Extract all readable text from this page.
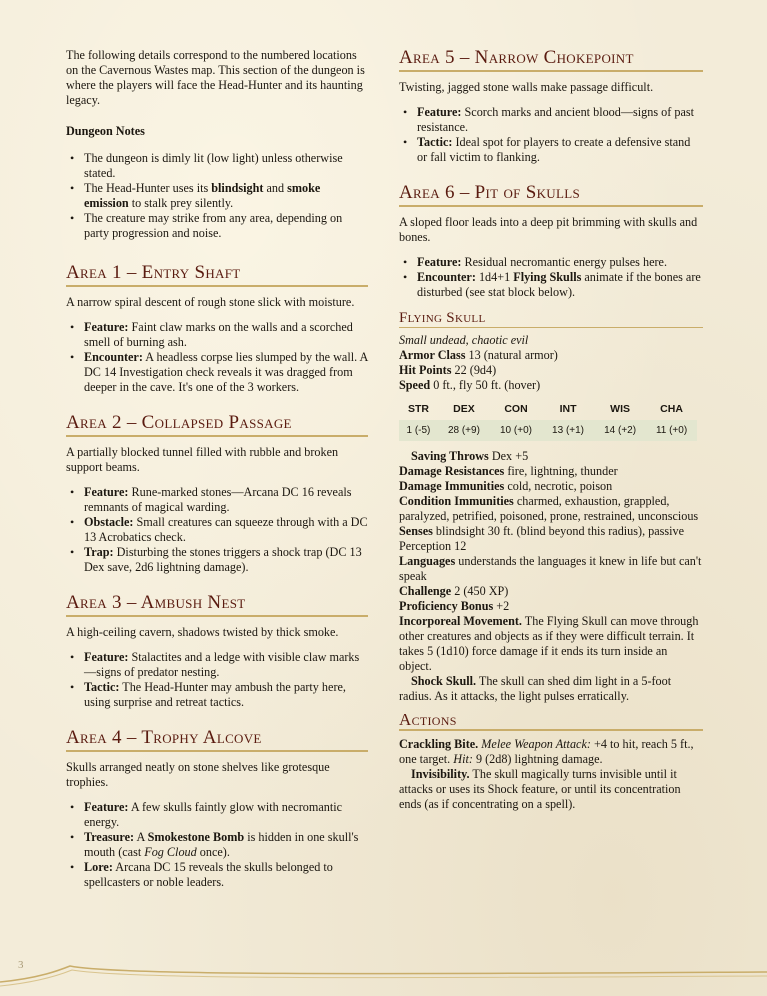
The following details correspond to the numbered locations on the Cavernous Wastes map. This section of the dungeon is where the players will face the Head-Hunter and its haunting legacy.

Dungeon Notes

• The dungeon is dimly lit (low light) unless otherwise stated.
• The Head-Hunter uses its blindsight and smoke emission to stalk prey silently.
• The creature may strike from any area, depending on party progression and noise.
Area 1 – Entry Shaft

A narrow spiral descent of rough stone slick with moisture.

• Feature: Faint claw marks on the walls and a scorched smell of burning ash.
• Encounter: A headless corpse lies slumped by the wall. A DC 14 Investigation check reveals it was dragged from deeper in the cave. It's one of the 3 workers.
Area 2 – Collapsed Passage

A partially blocked tunnel filled with rubble and broken support beams.

• Feature: Rune-marked stones—Arcana DC 16 reveals remnants of magical warding.
• Obstacle: Small creatures can squeeze through with a DC 13 Acrobatics check.
• Trap: Disturbing the stones triggers a shock trap (DC 13 Dex save, 2d6 lightning damage).
Area 3 – Ambush Nest

A high-ceiling cavern, shadows twisted by thick smoke.

• Feature: Stalactites and a ledge with visible claw marks—signs of predator nesting.
• Tactic: The Head-Hunter may ambush the party here, using surprise and retreat tactics.
Area 4 – Trophy Alcove

Skulls arranged neatly on stone shelves like grotesque trophies.

• Feature: A few skulls faintly glow with necromantic energy.
• Treasure: A Smokestone Bomb is hidden in one skull's mouth (cast Fog Cloud once).
• Lore: Arcana DC 15 reveals the skulls belonged to spellcasters or noble leaders.
Area 5 – Narrow Chokepoint

Twisting, jagged stone walls make passage difficult.

• Feature: Scorch marks and ancient blood—signs of past resistance.
• Tactic: Ideal spot for players to create a defensive stand or fall victim to flanking.
Area 6 – Pit of Skulls

A sloped floor leads into a deep pit brimming with skulls and bones.

• Feature: Residual necromantic energy pulses here.
• Encounter: 1d4+1 Flying Skulls animate if the bones are disturbed (see stat block below).
Flying Skull

Small undead, chaotic evil

Armor Class 13 (natural armor)

Hit Points 22 (9d4)

Speed 0 ft., fly 50 ft. (hover)

STR	DEX	CON	INT	WIS	CHA
1 (-5)	28 (+9)	10 (+0)	13 (+1)	14 (+2)	11 (+0)

Saving Throws Dex +5

Damage Resistances fire, lightning, thunder

Damage Immunities cold, necrotic, poison

Condition Immunities charmed, exhaustion, grappled, paralyzed, petrified, poisoned, prone, restrained, unconscious

Senses blindsight 30 ft. (blind beyond this radius), passive Perception 12

Languages understands the languages it knew in life but can't speak

Challenge 2 (450 XP)

Proficiency Bonus +2

Incorporeal Movement. The Flying Skull can move through other creatures and objects as if they were difficult terrain. It takes 5 (1d10) force damage if it ends its turn inside an object.

Shock Skull. The skull can shed dim light in a 5-foot radius. As it attacks, the light pulses erratically.

Actions

Crackling Bite. Melee Weapon Attack: +4 to hit, reach 5 ft., one target. Hit: 9 (2d8) lightning damage.

Invisibility. The skull magically turns invisible until it attacks or uses its Shock feature, or until its concentration ends (as if concentrating on a spell).

3
